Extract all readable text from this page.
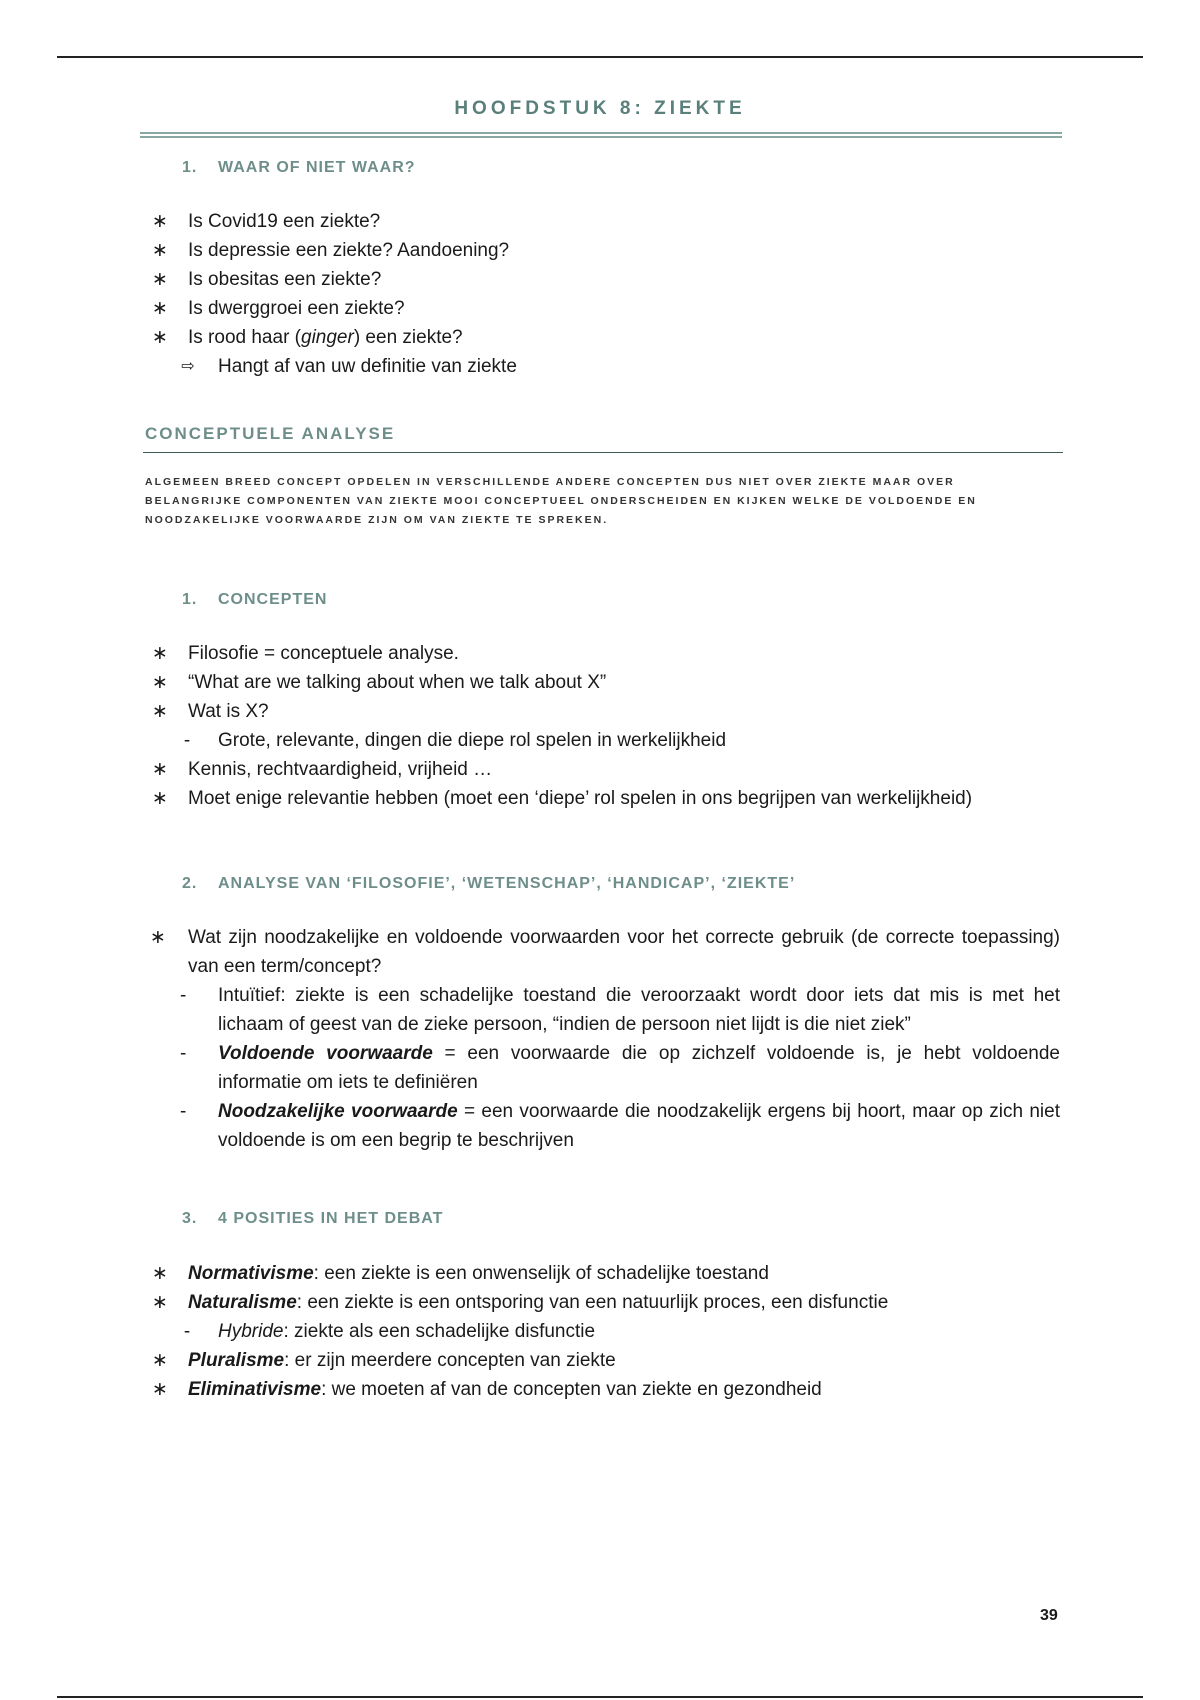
HOOFDSTUK 8: ZIEKTE
1. WAAR OF NIET WAAR?
∗ Is Covid19 een ziekte?
∗ Is depressie een ziekte? Aandoening?
∗ Is obesitas een ziekte?
∗ Is dwerggroei een ziekte?
∗ Is rood haar (ginger) een ziekte?
⇨ Hangt af van uw definitie van ziekte
CONCEPTUELE ANALYSE
ALGEMEEN BREED CONCEPT OPDELEN IN VERSCHILLENDE ANDERE CONCEPTEN DUS NIET OVER ZIEKTE MAAR OVER BELANGRIJKE COMPONENTEN VAN ZIEKTE MOOI CONCEPTUEEL ONDERSCHEIDEN EN KIJKEN WELKE DE VOLDOENDE EN NOODZAKELIJKE VOORWAARDE ZIJN OM VAN ZIEKTE TE SPREKEN.
1. CONCEPTEN
∗ Filosofie = conceptuele analyse.
∗ “What are we talking about when we talk about X”
∗ Wat is X?
- Grote, relevante, dingen die diepe rol spelen in werkelijkheid
∗ Kennis, rechtvaardigheid, vrijheid …
∗ Moet enige relevantie hebben (moet een ‘diepe’ rol spelen in ons begrijpen van werkelijkheid)
2. ANALYSE VAN ‘FILOSOFIE’, ‘WETENSCHAP’, ‘HANDICAP’, ‘ZIEKTE’
∗ Wat zijn noodzakelijke en voldoende voorwaarden voor het correcte gebruik (de correcte toepassing) van een term/concept?
-	Intuïtief: ziekte is een schadelijke toestand die veroorzaakt wordt door iets dat mis is met het lichaam of geest van de zieke persoon, “indien de persoon niet lijdt is die niet ziek”
-	Voldoende voorwaarde = een voorwaarde die op zichzelf voldoende is, je hebt voldoende informatie om iets te definiëren
-	Noodzakelijke voorwaarde = een voorwaarde die noodzakelijk ergens bij hoort, maar op zich niet voldoende is om een begrip te beschrijven
3. 4 POSITIES IN HET DEBAT
∗ Normativisme: een ziekte is een onwenselijk of schadelijke toestand
∗ Naturalisme: een ziekte is een ontsporing van een natuurlijk proces, een disfunctie
- Hybride: ziekte als een schadelijke disfunctie
∗ Pluralisme: er zijn meerdere concepten van ziekte
∗ Eliminativisme: we moeten af van de concepten van ziekte en gezondheid
39
